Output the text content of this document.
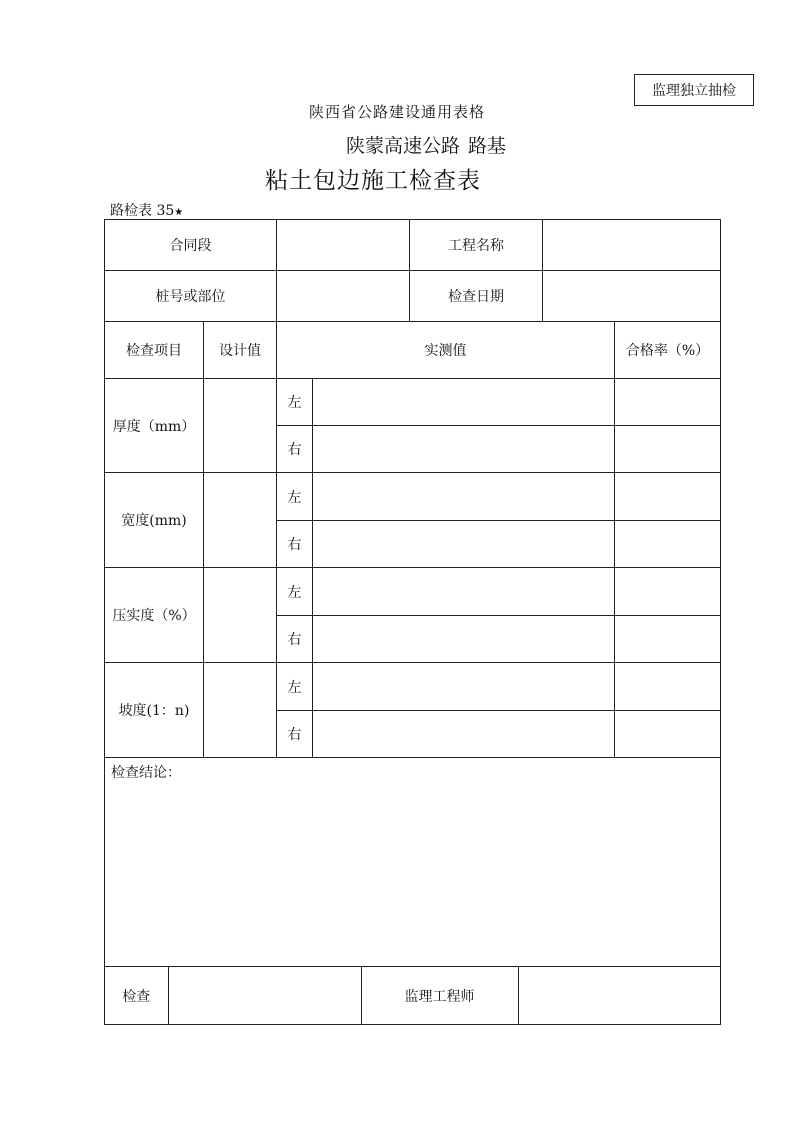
监理独立抽检
陕西省公路建设通用表格
陕蒙高速公路 路基
粘土包边施工检查表
路检表 35★
合同段		工程名称	
桩号或部位		检查日期	
检查项目	设计值	实测值	合格率（%）
厚度（mm）		左		
右		
宽度(mm)		左		
右		
压实度（%）		左		
右		
坡度(1：n)		左		
右		
检查结论：

检查		监理工程师	
